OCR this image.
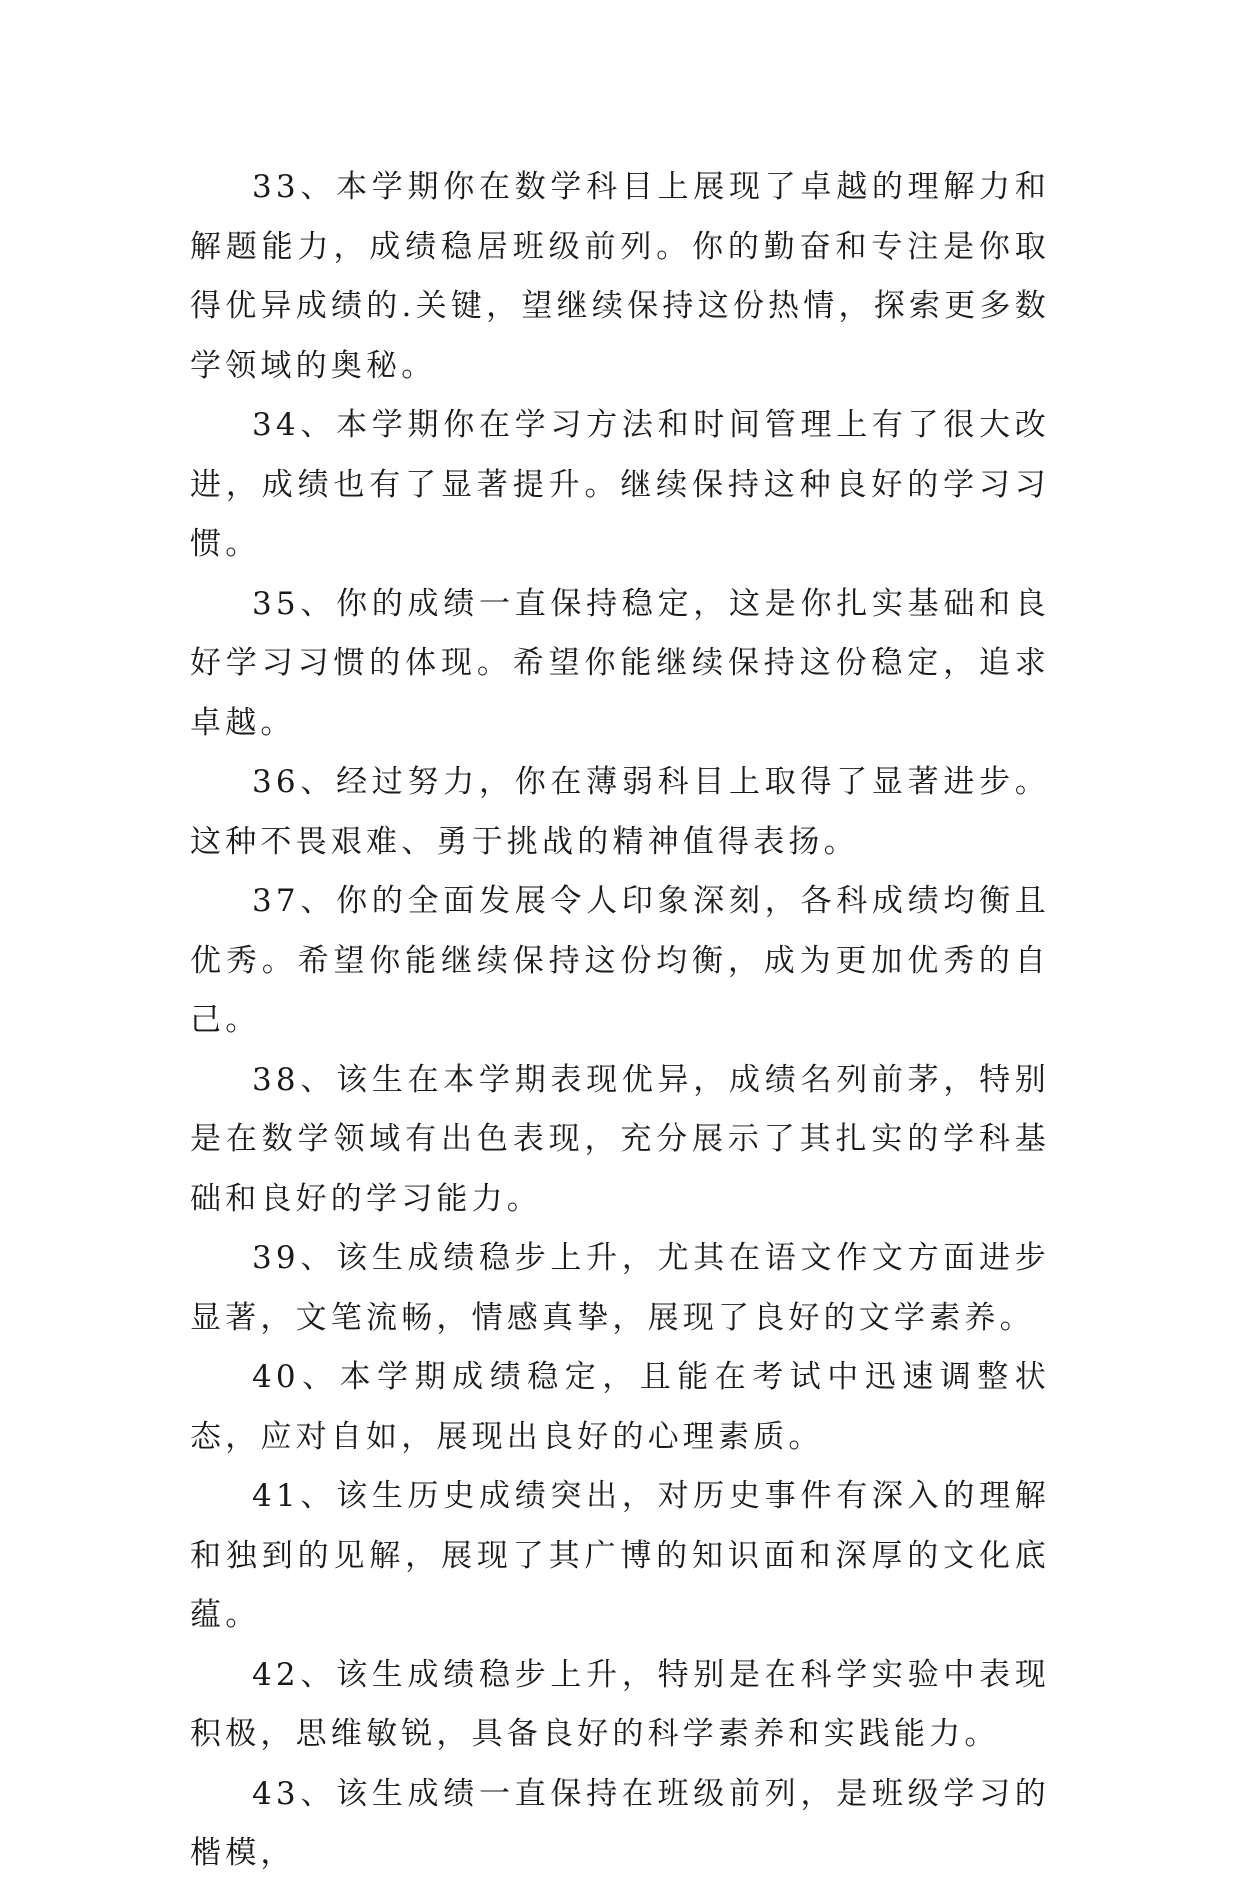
33、本学期你在数学科目上展现了卓越的理解力和解题能力，成绩稳居班级前列。你的勤奋和专注是你取得优异成绩的.关键，望继续保持这份热情，探索更多数学领域的奥秘。

34、本学期你在学习方法和时间管理上有了很大改进，成绩也有了显著提升。继续保持这种良好的学习习惯。

35、你的成绩一直保持稳定，这是你扎实基础和良好学习习惯的体现。希望你能继续保持这份稳定，追求卓越。

36、经过努力，你在薄弱科目上取得了显著进步。这种不畏艰难、勇于挑战的精神值得表扬。

37、你的全面发展令人印象深刻，各科成绩均衡且优秀。希望你能继续保持这份均衡，成为更加优秀的自己。

38、该生在本学期表现优异，成绩名列前茅，特别是在数学领域有出色表现，充分展示了其扎实的学科基础和良好的学习能力。

39、该生成绩稳步上升，尤其在语文作文方面进步显著，文笔流畅，情感真挚，展现了良好的文学素养。

40、本学期成绩稳定，且能在考试中迅速调整状态，应对自如，展现出良好的心理素质。

41、该生历史成绩突出，对历史事件有深入的理解和独到的见解，展现了其广博的知识面和深厚的文化底蕴。

42、该生成绩稳步上升，特别是在科学实验中表现积极，思维敏锐，具备良好的科学素养和实践能力。

43、该生成绩一直保持在班级前列，是班级学习的楷模，
